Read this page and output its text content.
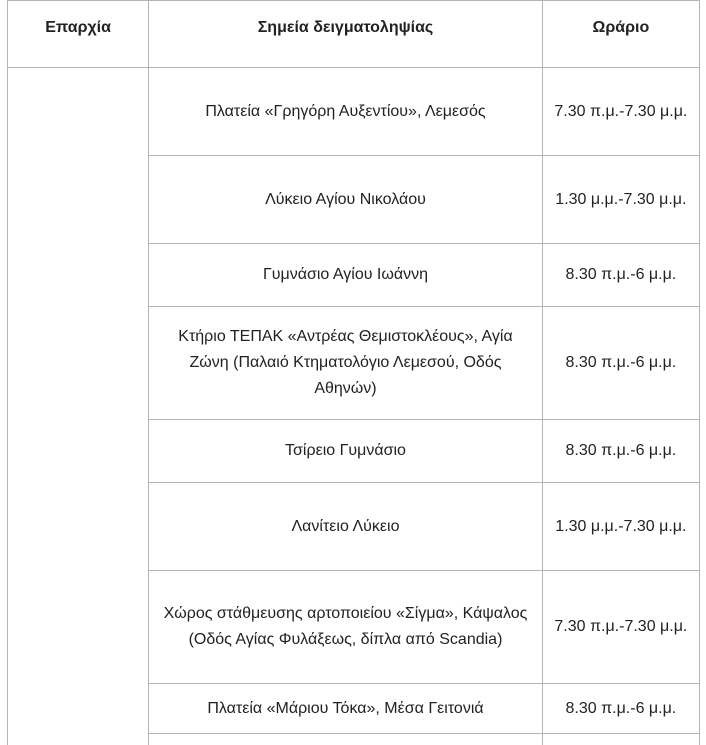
Επαρχία	Σημεία δειγματοληψίας	Ωράριο
	Πλατεία «Γρηγόρη Αυξεντίου», Λεμεσός	7.30 π.μ.-7.30 μ.μ.
	Λύκειο Αγίου Νικολάου	1.30 μ.μ.-7.30 μ.μ.
	Γυμνάσιο Αγίου Ιωάννη	8.30 π.μ.-6 μ.μ.
	Κτήριο ΤΕΠΑΚ «Αντρέας Θεμιστοκλέους», Αγία Ζώνη (Παλαιό Κτηματολόγιο Λεμεσού, Οδός Αθηνών)	8.30 π.μ.-6 μ.μ.
	Τσίρειο Γυμνάσιο	8.30 π.μ.-6 μ.μ.
	Λανίτειο Λύκειο	1.30 μ.μ.-7.30 μ.μ.
	Χώρος στάθμευσης αρτοποιείου «Σίγμα», Κάψαλος (Οδός Αγίας Φυλάξεως, δίπλα από Scandia)	7.30 π.μ.-7.30 μ.μ.
	Πλατεία «Μάριου Τόκα», Μέσα Γειτονιά	8.30 π.μ.-6 μ.μ.
